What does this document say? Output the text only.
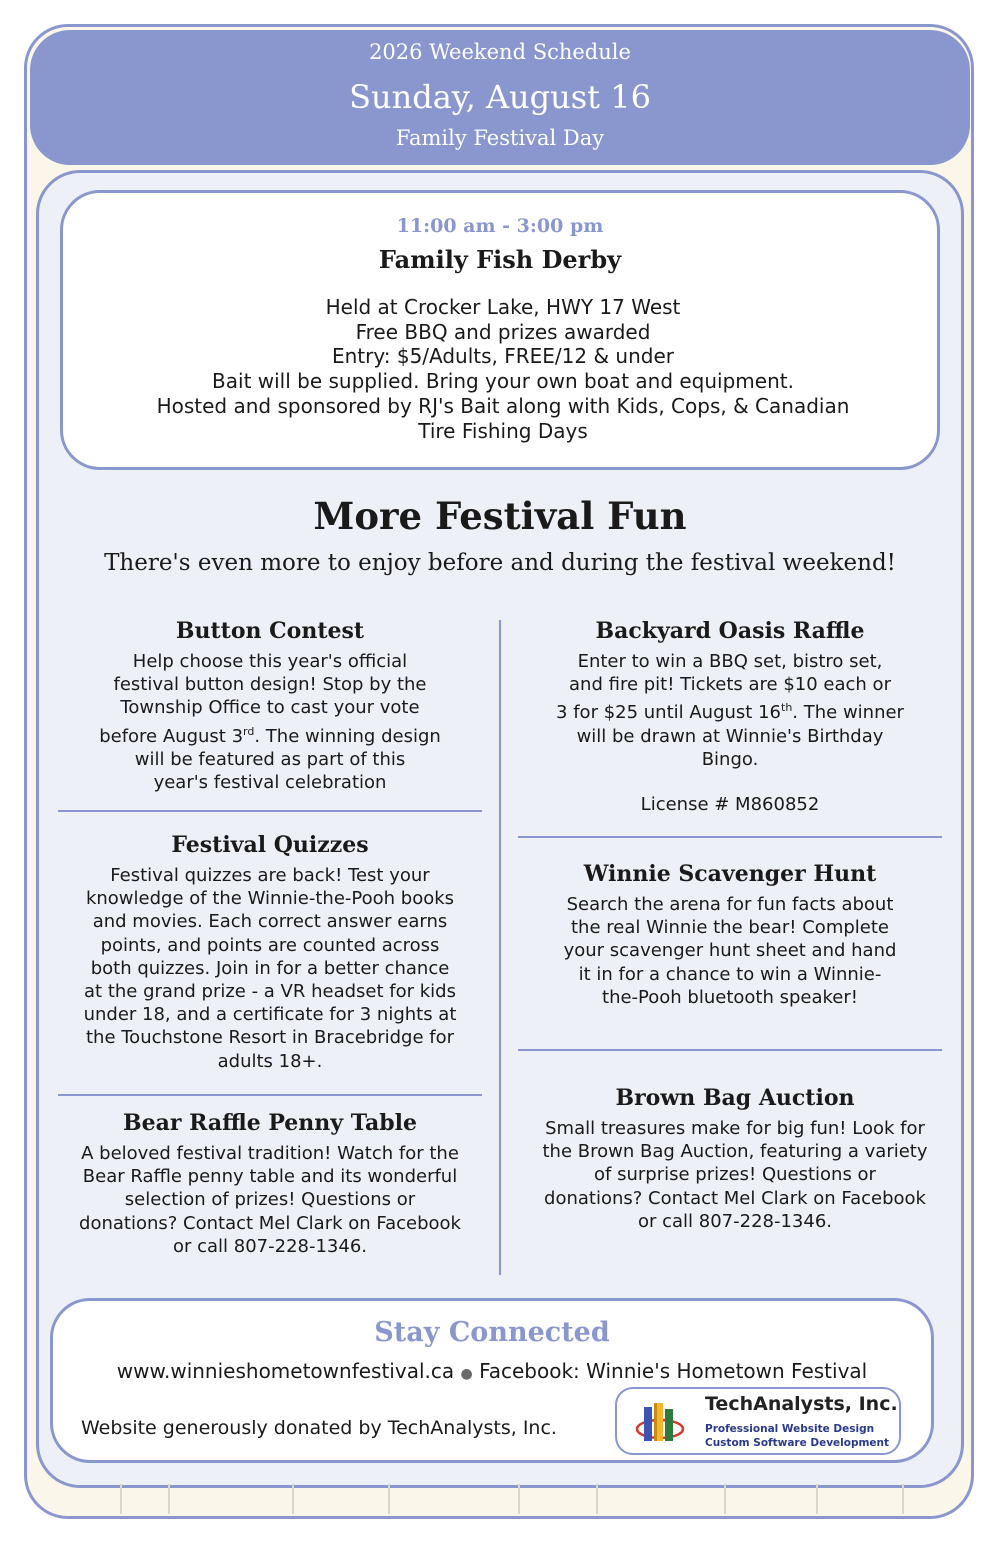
2026 Weekend Schedule
Sunday, August 16
Family Festival Day
11:00 am - 3:00 pm
Family Fish Derby
Held at Crocker Lake, HWY 17 West
Free BBQ and prizes awarded
Entry: $5/Adults, FREE/12 & under
Bait will be supplied. Bring your own boat and equipment.
Hosted and sponsored by RJ's Bait along with Kids, Cops, & Canadian
Tire Fishing Days
More Festival Fun
There's even more to enjoy before and during the festival weekend!
Button Contest
Help choose this year's official
festival button design! Stop by the
Township Office to cast your vote
before August 3rd. The winning design
will be featured as part of this
year's festival celebration
Festival Quizzes
Festival quizzes are back! Test your
knowledge of the Winnie-the-Pooh books
and movies. Each correct answer earns
points, and points are counted across
both quizzes. Join in for a better chance
at the grand prize - a VR headset for kids
under 18, and a certificate for 3 nights at
the Touchstone Resort in Bracebridge for
adults 18+.
Bear Raffle Penny Table
A beloved festival tradition! Watch for the
Bear Raffle penny table and its wonderful
selection of prizes! Questions or
donations? Contact Mel Clark on Facebook
or call 807-228-1346.
Backyard Oasis Raffle
Enter to win a BBQ set, bistro set,
and fire pit! Tickets are $10 each or
3 for $25 until August 16th. The winner
will be drawn at Winnie's Birthday
Bingo.
License # M860852
Winnie Scavenger Hunt
Search the arena for fun facts about
the real Winnie the bear! Complete
your scavenger hunt sheet and hand
it in for a chance to win a Winnie-
the-Pooh bluetooth speaker!
Brown Bag Auction
Small treasures make for big fun! Look for
the Brown Bag Auction, featuring a variety
of surprise prizes! Questions or
donations? Contact Mel Clark on Facebook
or call 807-228-1346.
Stay Connected
www.winnieshometownfestival.ca ● Facebook: Winnie's Hometown Festival
Website generously donated by TechAnalysts, Inc.
TechAnalysts, Inc.
Professional Website Design
Custom Software Development
